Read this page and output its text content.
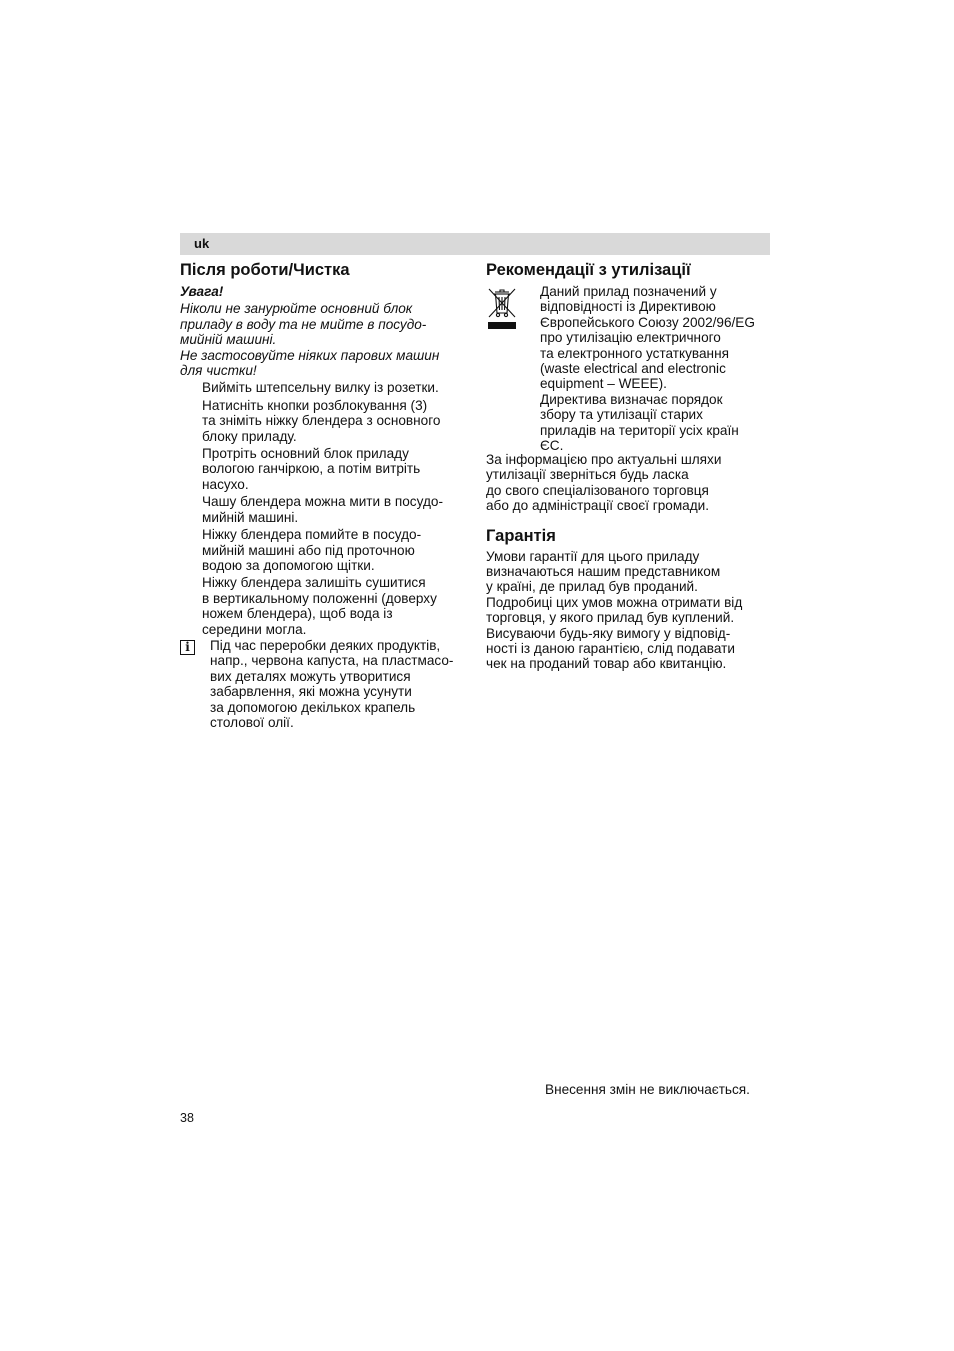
uk
Після роботи/Чистка

Увага!

Ніколи не занурюйте основний блок

приладу в воду та не мийте в посудо-

мийній машині.

Не застосовуйте ніяких парових машин

для чистки!

Вийміть штепсельну вилку із розетки.

Натисніть кнопки розблокування (3)

та зніміть ніжку блендера з основного

блоку приладу.

Протріть основний блок приладу

вологою ганчіркою, а потім витріть

насухо.

Чашу блендера можна мити в посудо-

мийній машині.

Ніжку блендера помийте в посудо-

мийній машині або під проточною

водою за допомогою щітки.

Ніжку блендера залишіть сушитися

в вертикальному положенні (доверху

ножем блендера), щоб вода із

середини могла.

i	Під час переробки деяких продуктів,

напр., червона капуста, на пластмасо-

вих деталях можуть утворитися

забарвлення, які можна усунути

за допомогою декількох крапель

столової олії.

Рекомендації з утилізації

Даний прилад позначений у

відповідності із Директивою

Європейського Союзу 2002/96/EG

про утилізацію електричного

та електронного устаткування

(waste electrical and electronic

equipment – WEEE).

Директива визначає порядок

збору та утилізації старих

приладів на території усіх країн

ЄС.

За інформацією про актуальні шляхи

утилізації зверніться будь ласка

до свого спеціалізованого торговця

або до адміністрації своєї громади.

Гарантія

Умови гарантії для цього приладу

визначаються нашим представником

у країні, де прилад був проданий.

Подробиці цих умов можна отримати від

торговця, у якого прилад був куплений.

Висуваючи будь-яку вимогу у відповід-

ності із даною гарантією, слід подавати

чек на проданий товар або квитанцію.

Внесення змін не виключається.
38
